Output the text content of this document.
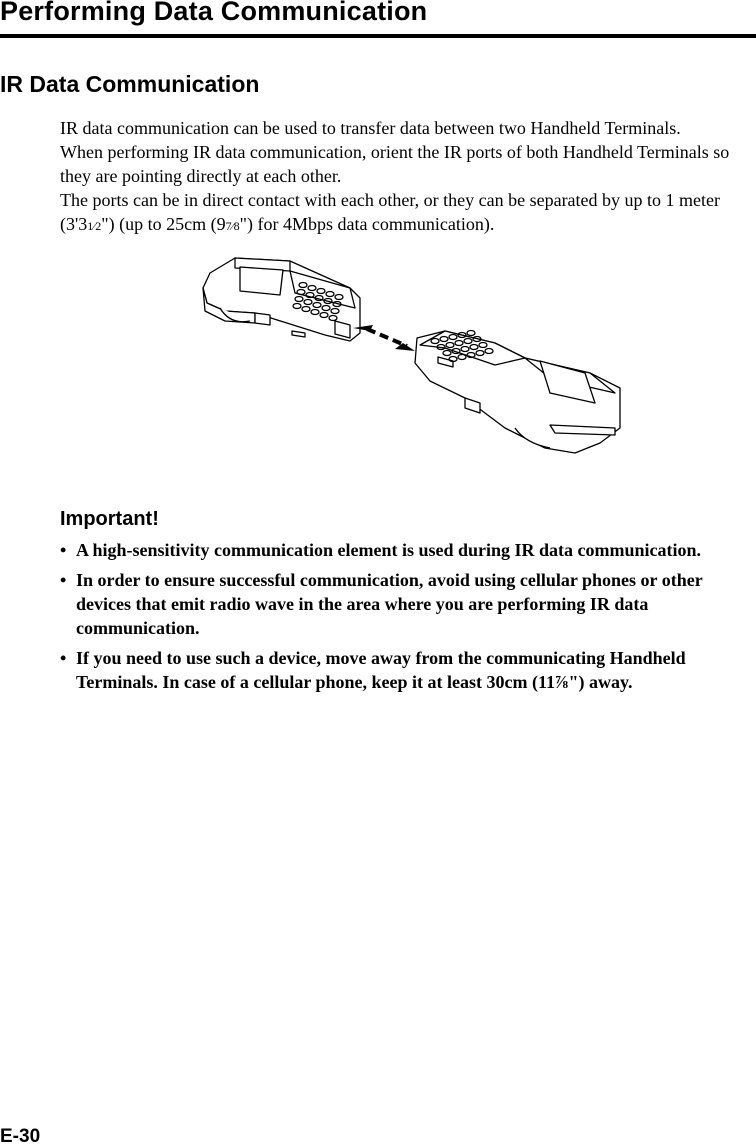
Performing Data Communication
IR Data Communication

IR data communication can be used to transfer data between two Handheld Terminals.

When performing IR data communication, orient the IR ports of both Handheld Terminals so they are pointing directly at each other.

The ports can be in direct contact with each other, or they can be separated by up to 1 meter (3'31⁄2") (up to 25cm (97⁄8") for 4Mbps data communication).

Important!
• A high-sensitivity communication element is used during IR data communication.
• In order to ensure successful communication, avoid using cellular phones or other devices that emit radio wave in the area where you are performing IR data communication.
• If you need to use such a device, move away from the communicating Handheld Terminals. In case of a cellular phone, keep it at least 30cm (11⅞") away.
E-30
